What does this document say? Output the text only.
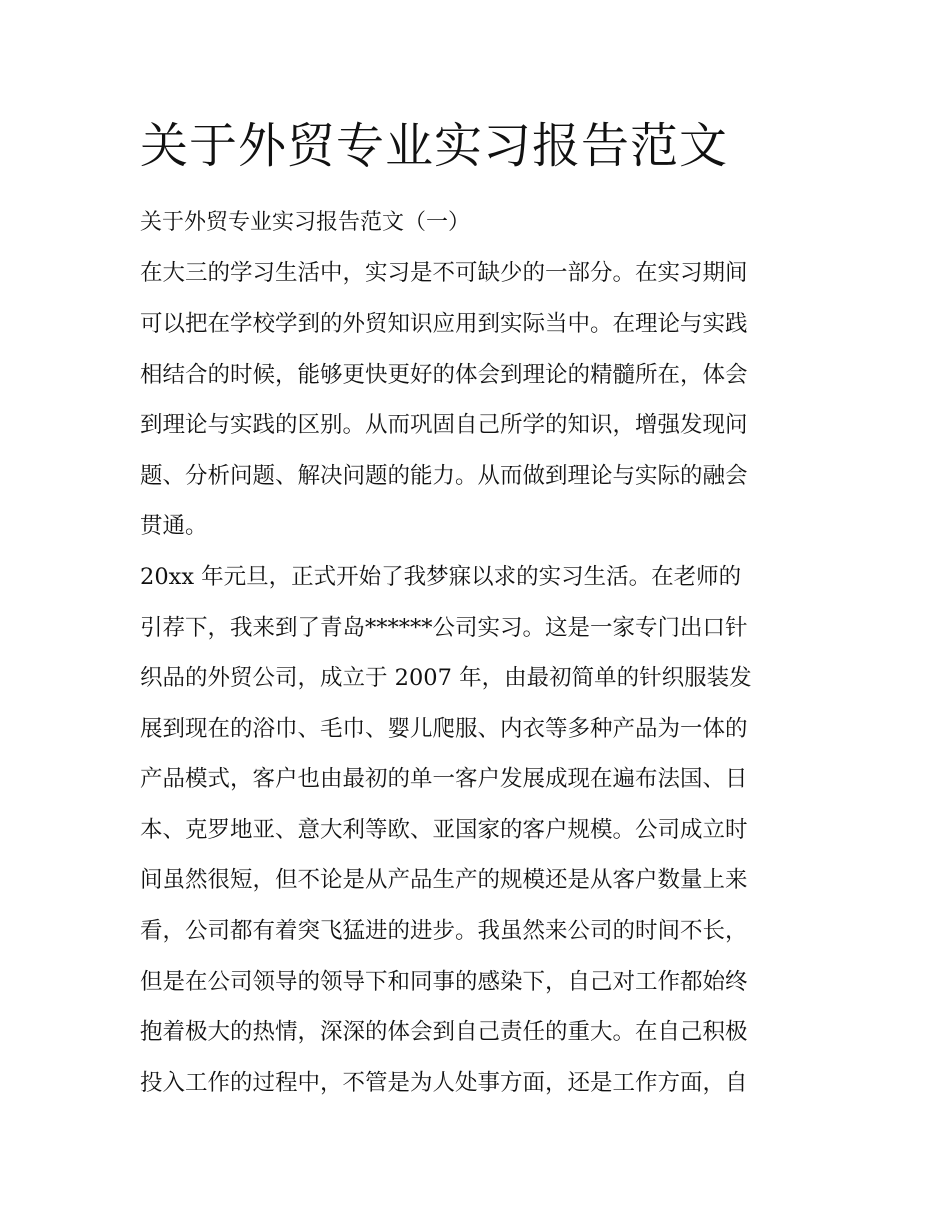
关于外贸专业实习报告范文

关于外贸专业实习报告范文（一）

在大三的学习生活中，实习是不可缺少的一部分。在实习期间

可以把在学校学到的外贸知识应用到实际当中。在理论与实践

相结合的时候，能够更快更好的体会到理论的精髓所在，体会

到理论与实践的区别。从而巩固自己所学的知识，增强发现问

题、分析问题、解决问题的能力。从而做到理论与实际的融会

贯通。

20xx 年元旦，正式开始了我梦寐以求的实习生活。在老师的

引荐下，我来到了青岛******公司实习。这是一家专门出口针

织品的外贸公司，成立于 2007 年，由最初简单的针织服装发

展到现在的浴巾、毛巾、婴儿爬服、内衣等多种产品为一体的

产品模式，客户也由最初的单一客户发展成现在遍布法国、日

本、克罗地亚、意大利等欧、亚国家的客户规模。公司成立时

间虽然很短，但不论是从产品生产的规模还是从客户数量上来

看，公司都有着突飞猛进的进步。我虽然来公司的时间不长，

但是在公司领导的领导下和同事的感染下，自己对工作都始终

抱着极大的热情，深深的体会到自己责任的重大。在自己积极

投入工作的过程中，不管是为人处事方面，还是工作方面，自
